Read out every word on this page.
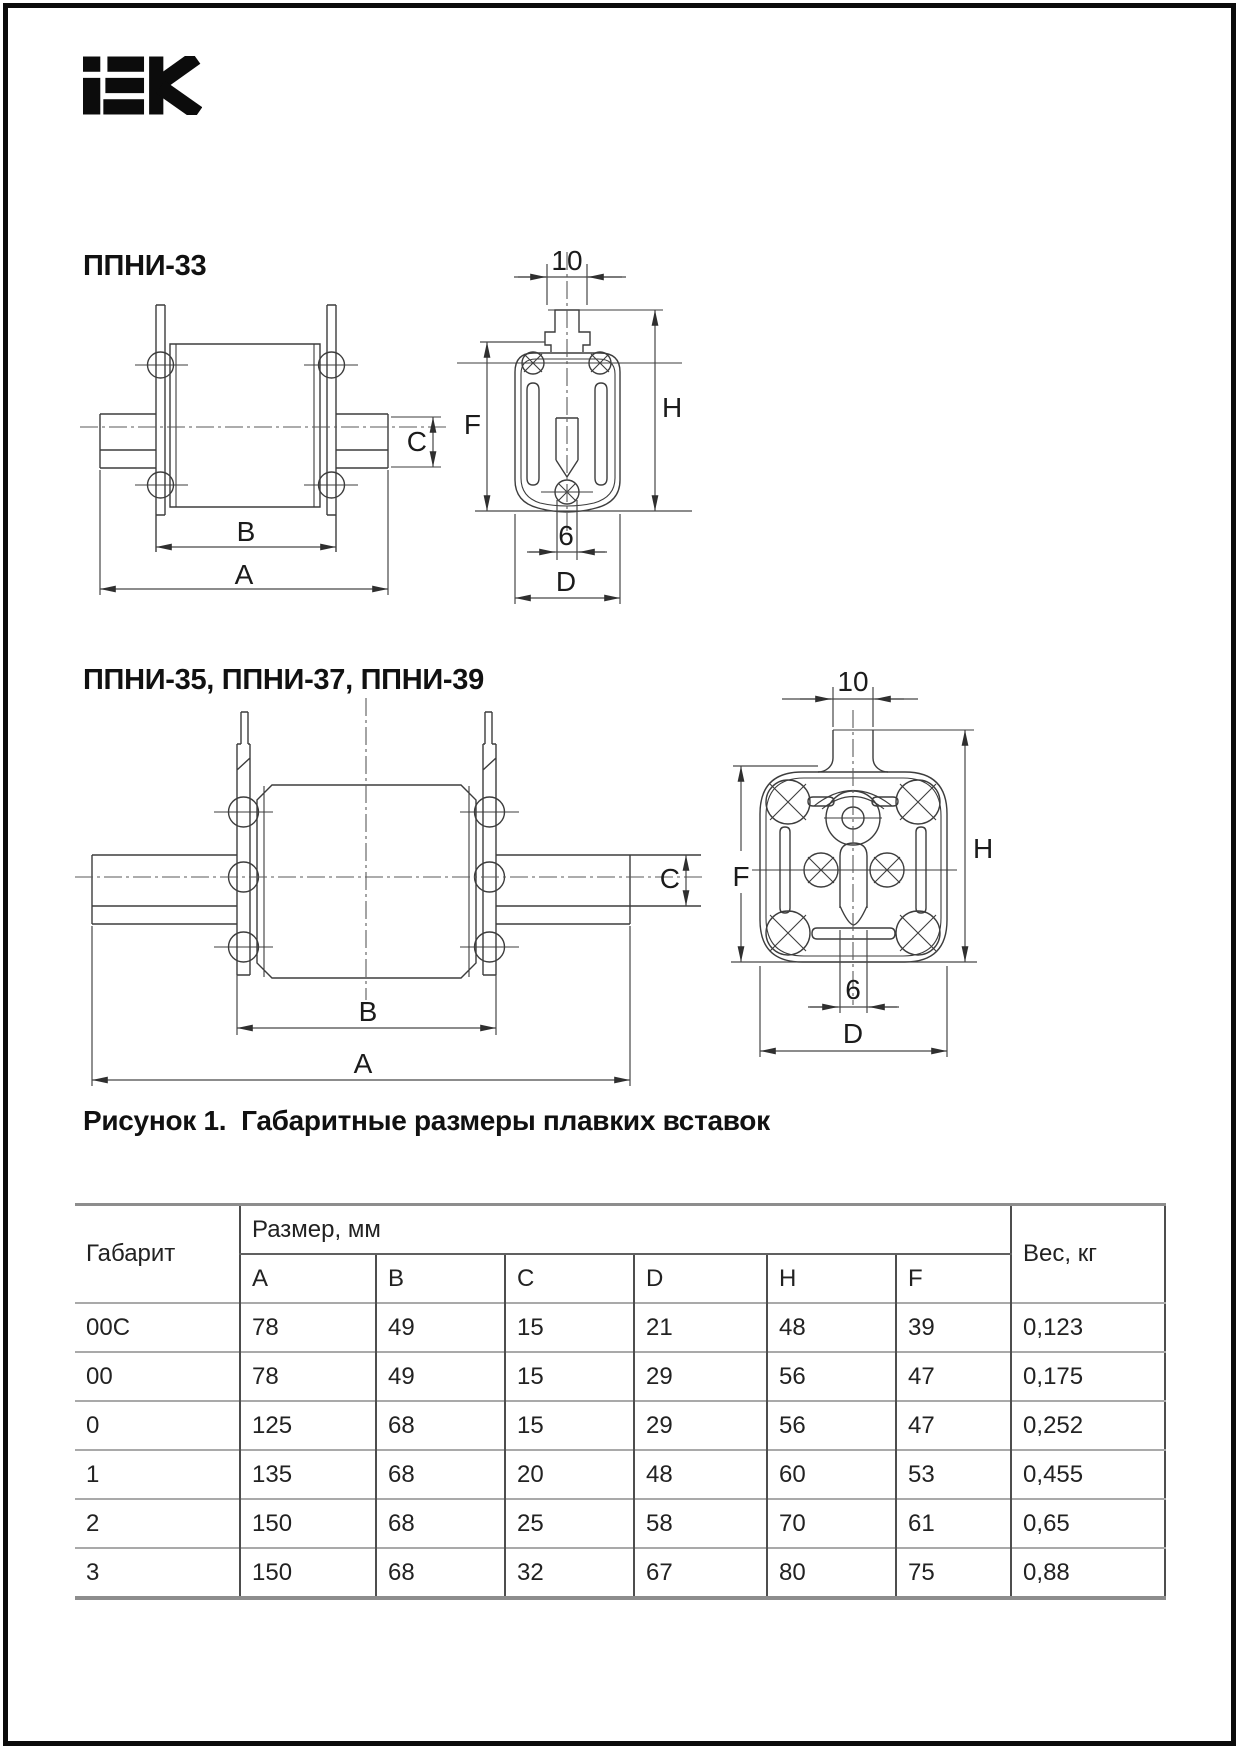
B
A
C
10
F
H
6
D
B
A
C
10
F
H
6
D
ППНИ-33
ППНИ-35, ППНИ-37, ППНИ-39
Рисунок 1.  Габаритные размеры плавких вставок
Габарит	Размер, мм						Вес, кг
	A	B	C	D	H	F	
00C	78	49	15	21	48	39	0,123
00	78	49	15	29	56	47	0,175
0	125	68	15	29	56	47	0,252
1	135	68	20	48	60	53	0,455
2	150	68	25	58	70	61	0,65
3	150	68	32	67	80	75	0,88
